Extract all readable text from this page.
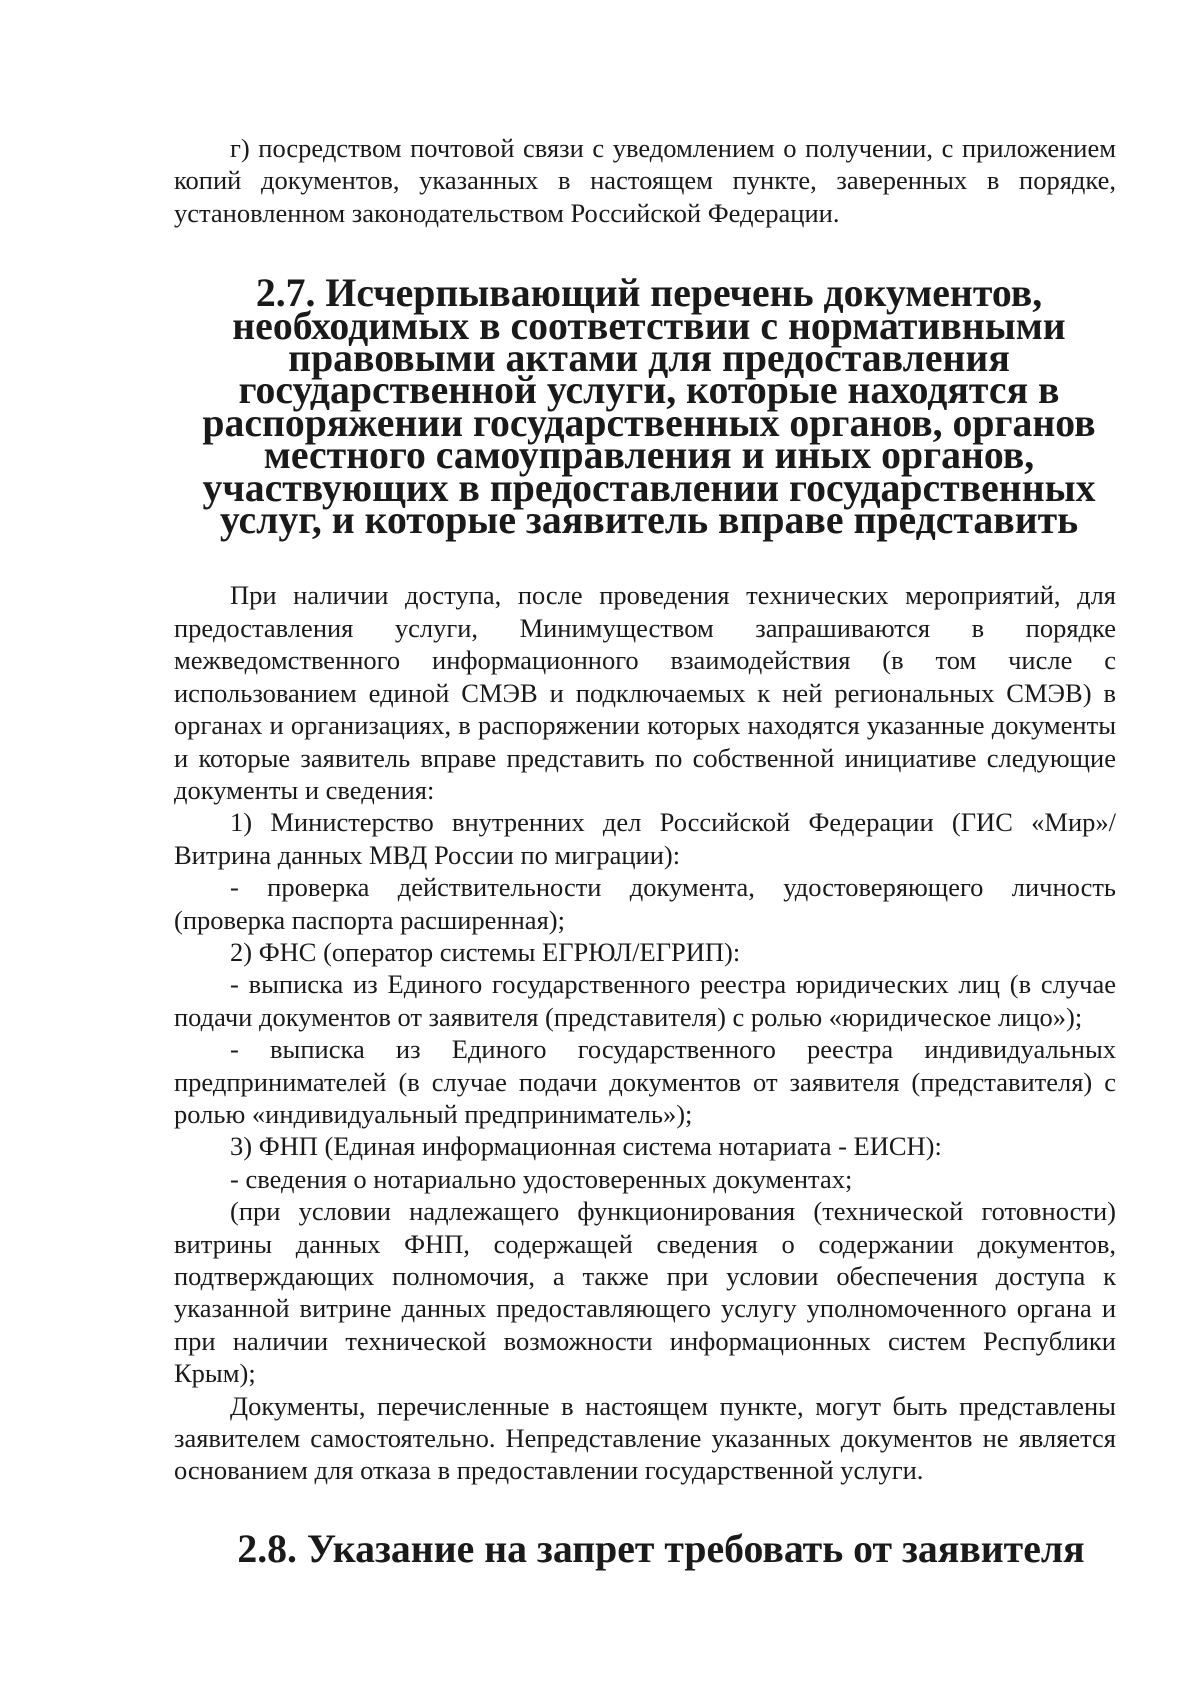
г) посредством почтовой связи с уведомлением о получении, с приложением копий документов, указанных в настоящем пункте, заверенных в порядке, установленном законодательством Российской Федерации.

2.7. Исчерпывающий перечень документов, необходимых в соответствии с нормативными правовыми актами для предоставления государственной услуги, которые находятся в распоряжении государственных органов, органов местного самоуправления и иных органов, участвующих в предоставлении государственных услуг, и которые заявитель вправе представить

При наличии доступа, после проведения технических мероприятий, для предоставления услуги, Минимуществом запрашиваются в порядке межведомственного информационного взаимодействия (в том числе с использованием единой СМЭВ и подключаемых к ней региональных СМЭВ) в органах и организациях, в распоряжении которых находятся указанные документы и которые заявитель вправе представить по собственной инициативе следующие документы и сведения:

1) Министерство внутренних дел Российской Федерации (ГИС «Мир»/Витрина данных МВД России по миграции):

- проверка действительности документа, удостоверяющего личность (проверка паспорта расширенная);

2) ФНС (оператор системы ЕГРЮЛ/ЕГРИП):

- выписка из Единого государственного реестра юридических лиц (в случае подачи документов от заявителя (представителя) с ролью «юридическое лицо»);

- выписка из Единого государственного реестра индивидуальных предпринимателей (в случае подачи документов от заявителя (представителя) с ролью «индивидуальный предприниматель»);

3) ФНП (Единая информационная система нотариата - ЕИСН):

- сведения о нотариально удостоверенных документах;

(при условии надлежащего функционирования (технической готовности) витрины данных ФНП, содержащей сведения о содержании документов, подтверждающих полномочия, а также при условии обеспечения доступа к указанной витрине данных предоставляющего услугу уполномоченного органа и при наличии технической возможности информационных систем Республики Крым);

Документы, перечисленные в настоящем пункте, могут быть представлены заявителем самостоятельно. Непредставление указанных документов не является основанием для отказа в предоставлении государственной услуги.

2.8. Указание на запрет требовать от заявителя
